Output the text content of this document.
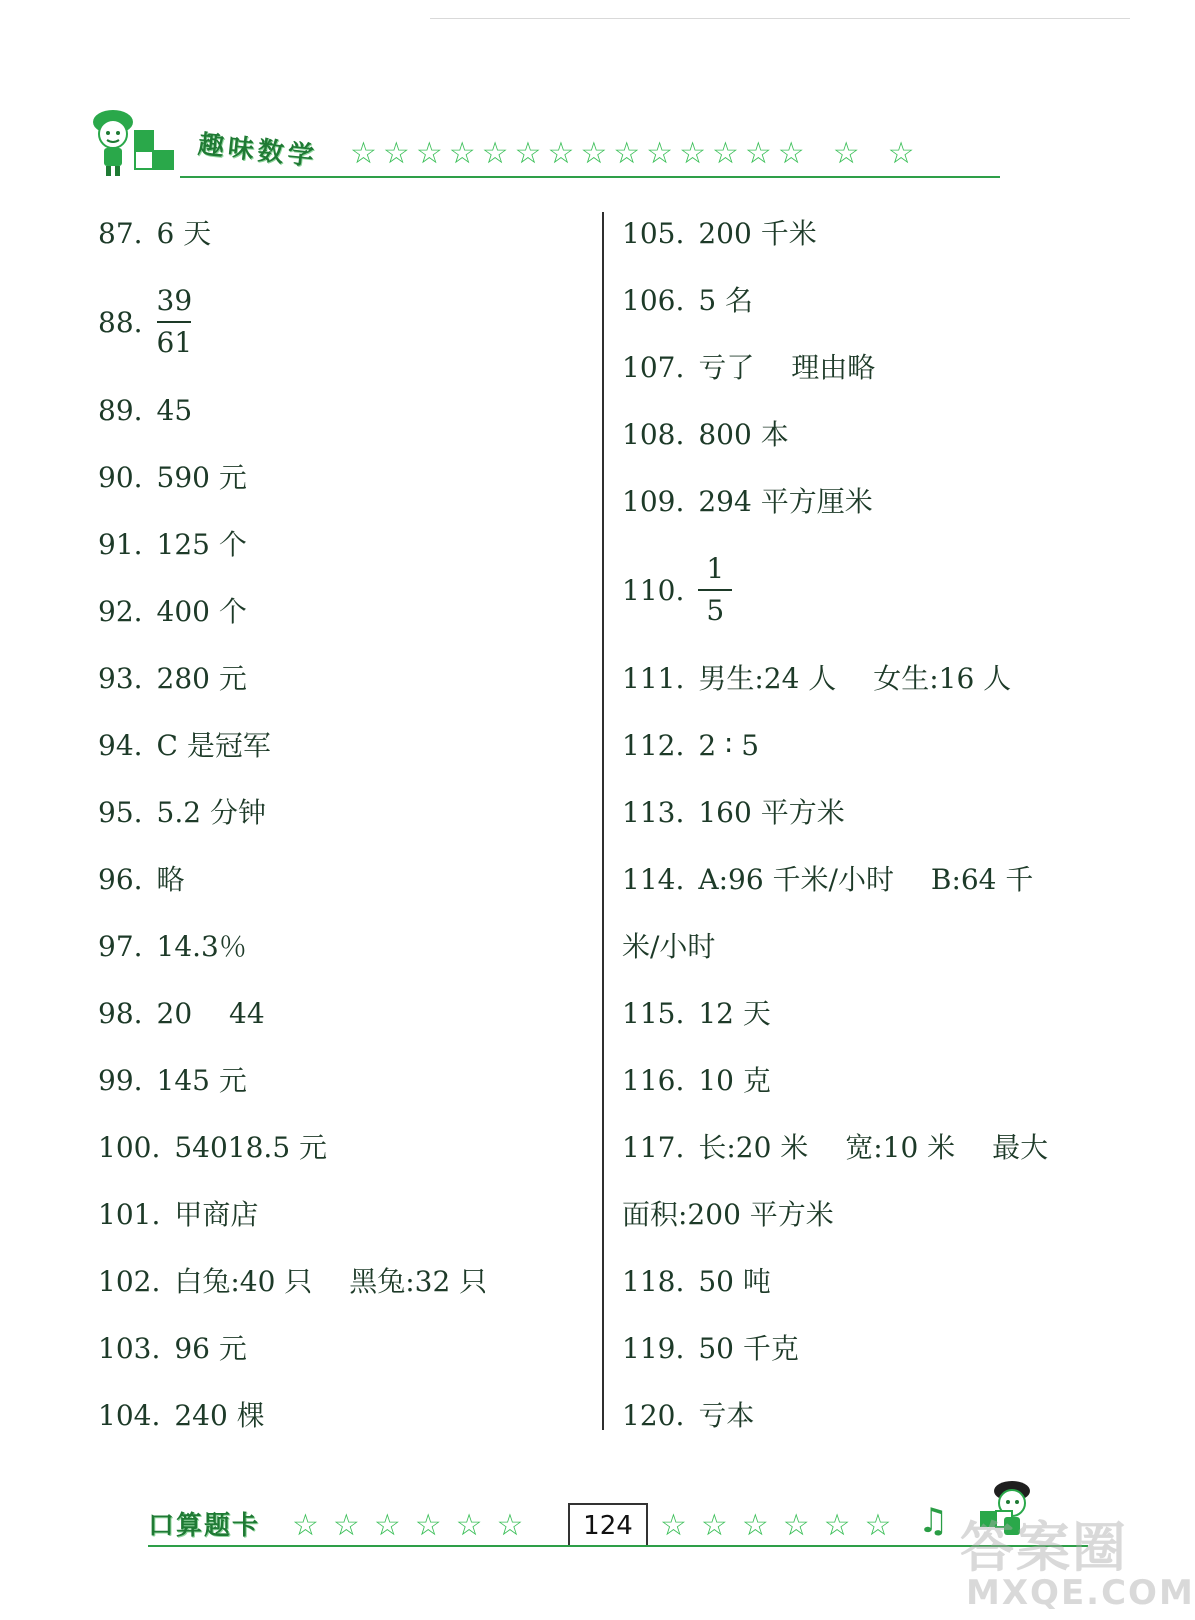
趣味数学 ☆ ☆ ☆ ☆ ☆ ☆ ☆ ☆ ☆ ☆ ☆ ☆ ☆ ☆ ☆ ☆
87. 6 天
88. $\frac{39}{61}$
89. 45
90. 590 元
91. 125 个
92. 400 个
93. 280 元
94. C 是冠军
95. 5.2 分钟
96. 略
97. 14.3％
98. 20　 44
99. 145 元
100. 54018.5 元
101. 甲商店
102. 白兔:40 只　 黑兔:32 只
103. 96 元
104. 240 棵
105. 200 千米
106. 5 名
107. 亏了　 理由略
108. 800 本
109. 294 平方厘米
110. $\frac{1}{5}$
111. 男生:24 人　 女生:16 人
112. 2 ∶ 5
113. 160 平方米
114. A:96 千米/小时　 B:64 千
米/小时
115. 12 天
116. 10 克
117. 长:20 米　 宽:10 米　 最大
面积:200 平方米
118. 50 吨
119. 50 千克
120. 亏本
口算题卡 ☆ ☆ ☆ ☆ ☆ ☆	124 ☆ ☆ ☆ ☆ ☆ ☆ ♫ 答案圈
MXQE.COM
